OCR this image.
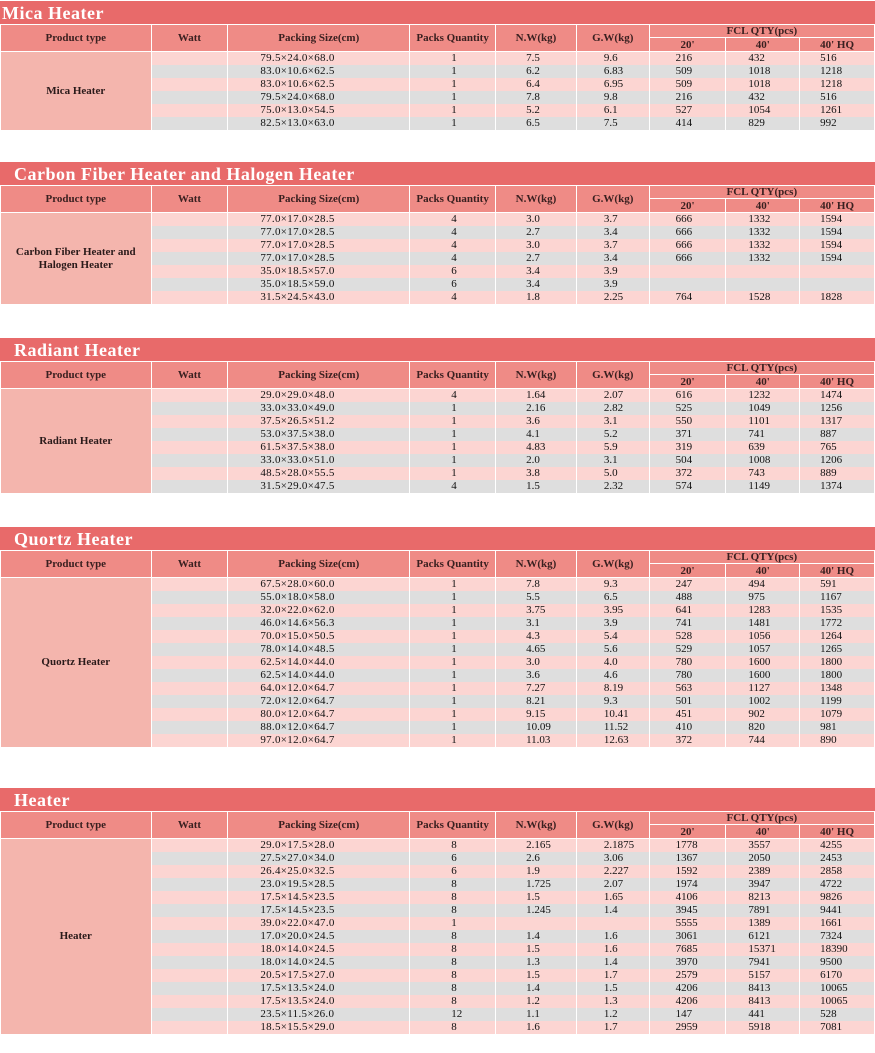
Mica Heater
Product type	Watt	Packing Size(cm)	Packs Quantity	N.W(kg)	G.W(kg)	FCL QTY(pcs)		
						20'	40'	40' HQ
Mica Heater		79.5×24.0×68.0	1	7.5	9.6	216	432	516
		83.0×10.6×62.5	1	6.2	6.83	509	1018	1218
		83.0×10.6×62.5	1	6.4	6.95	509	1018	1218
		79.5×24.0×68.0	1	7.8	9.8	216	432	516
		75.0×13.0×54.5	1	5.2	6.1	527	1054	1261
		82.5×13.0×63.0	1	6.5	7.5	414	829	992
Carbon Fiber Heater and Halogen Heater
Product type	Watt	Packing Size(cm)	Packs Quantity	N.W(kg)	G.W(kg)	FCL QTY(pcs)		
						20'	40'	40' HQ
Carbon Fiber Heater and Halogen Heater		77.0×17.0×28.5	4	3.0	3.7	666	1332	1594
		77.0×17.0×28.5	4	2.7	3.4	666	1332	1594
		77.0×17.0×28.5	4	3.0	3.7	666	1332	1594
		77.0×17.0×28.5	4	2.7	3.4	666	1332	1594
		35.0×18.5×57.0	6	3.4	3.9			
		35.0×18.5×59.0	6	3.4	3.9			
		31.5×24.5×43.0	4	1.8	2.25	764	1528	1828
Radiant Heater
Product type	Watt	Packing Size(cm)	Packs Quantity	N.W(kg)	G.W(kg)	FCL QTY(pcs)		
						20'	40'	40' HQ
Radiant Heater		29.0×29.0×48.0	4	1.64	2.07	616	1232	1474
		33.0×33.0×49.0	1	2.16	2.82	525	1049	1256
		37.5×26.5×51.2	1	3.6	3.1	550	1101	1317
		53.0×37.5×38.0	1	4.1	5.2	371	741	887
		61.5×37.5×38.0	1	4.83	5.9	319	639	765
		33.0×33.0×51.0	1	2.0	3.1	504	1008	1206
		48.5×28.0×55.5	1	3.8	5.0	372	743	889
		31.5×29.0×47.5	4	1.5	2.32	574	1149	1374
Quortz Heater
Product type	Watt	Packing Size(cm)	Packs Quantity	N.W(kg)	G.W(kg)	FCL QTY(pcs)		
						20'	40'	40' HQ
Quortz Heater		67.5×28.0×60.0	1	7.8	9.3	247	494	591
		55.0×18.0×58.0	1	5.5	6.5	488	975	1167
		32.0×22.0×62.0	1	3.75	3.95	641	1283	1535
		46.0×14.6×56.3	1	3.1	3.9	741	1481	1772
		70.0×15.0×50.5	1	4.3	5.4	528	1056	1264
		78.0×14.0×48.5	1	4.65	5.6	529	1057	1265
		62.5×14.0×44.0	1	3.0	4.0	780	1600	1800
		62.5×14.0×44.0	1	3.6	4.6	780	1600	1800
		64.0×12.0×64.7	1	7.27	8.19	563	1127	1348
		72.0×12.0×64.7	1	8.21	9.3	501	1002	1199
		80.0×12.0×64.7	1	9.15	10.41	451	902	1079
		88.0×12.0×64.7	1	10.09	11.52	410	820	981
		97.0×12.0×64.7	1	11.03	12.63	372	744	890
Heater
Product type	Watt	Packing Size(cm)	Packs Quantity	N.W(kg)	G.W(kg)	FCL QTY(pcs)		
						20'	40'	40' HQ
Heater		29.0×17.5×28.0	8	2.165	2.1875	1778	3557	4255
		27.5×27.0×34.0	6	2.6	3.06	1367	2050	2453
		26.4×25.0×32.5	6	1.9	2.227	1592	2389	2858
		23.0×19.5×28.5	8	1.725	2.07	1974	3947	4722
		17.5×14.5×23.5	8	1.5	1.65	4106	8213	9826
		17.5×14.5×23.5	8	1.245	1.4	3945	7891	9441
		39.0×22.0×47.0	1			5555	1389	1661
		17.0×20.0×24.5	8	1.4	1.6	3061	6121	7324
		18.0×14.0×24.5	8	1.5	1.6	7685	15371	18390
		18.0×14.0×24.5	8	1.3	1.4	3970	7941	9500
		20.5×17.5×27.0	8	1.5	1.7	2579	5157	6170
		17.5×13.5×24.0	8	1.4	1.5	4206	8413	10065
		17.5×13.5×24.0	8	1.2	1.3	4206	8413	10065
		23.5×11.5×26.0	12	1.1	1.2	147	441	528
		18.5×15.5×29.0	8	1.6	1.7	2959	5918	7081
